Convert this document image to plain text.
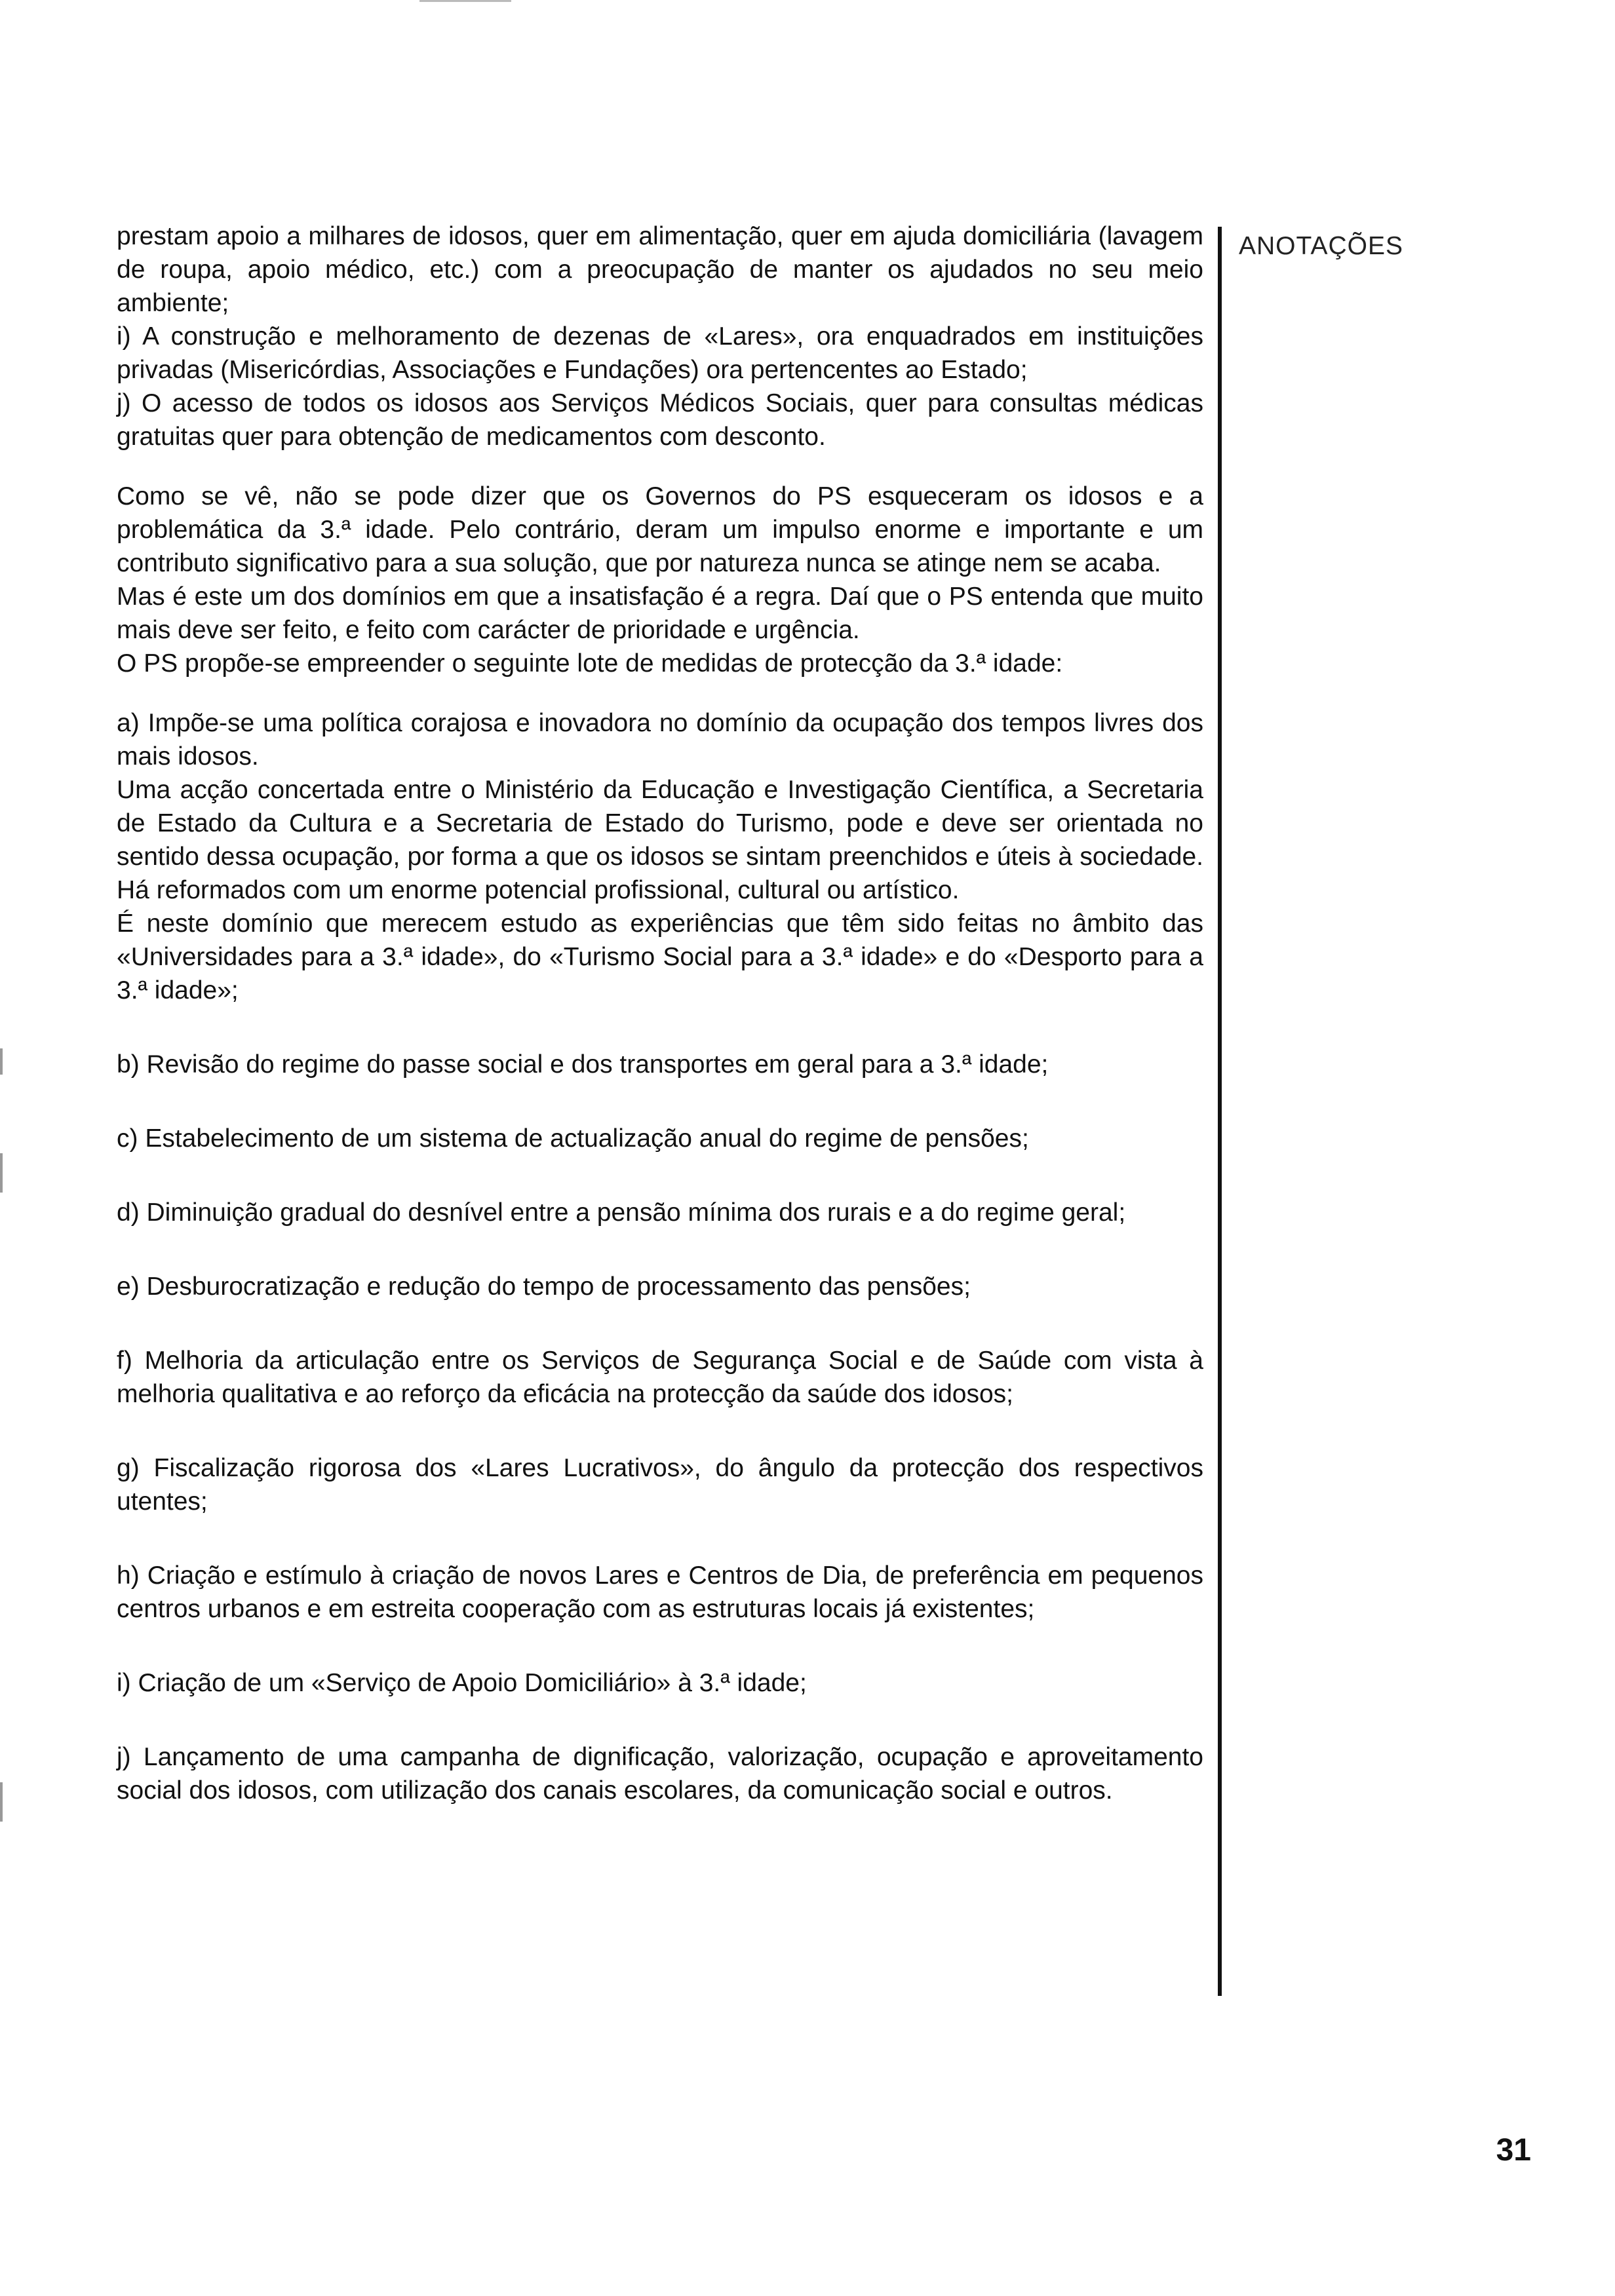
prestam apoio a milhares de idosos, quer em alimentação, quer em ajuda domiciliária (lavagem de roupa, apoio médico, etc.) com a preocupação de manter os ajudados no seu meio ambiente;

i) A construção e melhoramento de dezenas de «Lares», ora enquadrados em instituições privadas (Misericórdias, Associações e Fundações) ora pertencentes ao Estado;

j) O acesso de todos os idosos aos Serviços Médicos Sociais, quer para consultas médicas gratuitas quer para obtenção de medicamentos com desconto.

Como se vê, não se pode dizer que os Governos do PS esqueceram os idosos e a problemática da 3.ª idade. Pelo contrário, deram um impulso enorme e importante e um contributo significativo para a sua solução, que por natureza nunca se atinge nem se acaba.

Mas é este um dos domínios em que a insatisfação é a regra. Daí que o PS entenda que muito mais deve ser feito, e feito com carácter de prioridade e urgência.

O PS propõe-se empreender o seguinte lote de medidas de protecção da 3.ª idade:

a) Impõe-se uma política corajosa e inovadora no domínio da ocupação dos tempos livres dos mais idosos.

Uma acção concertada entre o Ministério da Educação e Investigação Científica, a Secretaria de Estado da Cultura e a Secretaria de Estado do Turismo, pode e deve ser orientada no sentido dessa ocupação, por forma a que os idosos se sintam preenchidos e úteis à sociedade. Há reformados com um enorme potencial profissional, cultural ou artístico.

É neste domínio que merecem estudo as experiências que têm sido feitas no âmbito das «Universidades para a 3.ª idade», do «Turismo Social para a 3.ª idade» e do «Desporto para a 3.ª idade»;

b) Revisão do regime do passe social e dos transportes em geral para a 3.ª idade;

c) Estabelecimento de um sistema de actualização anual do regime de pensões;

d) Diminuição gradual do desnível entre a pensão mínima dos rurais e a do regime geral;

e) Desburocratização e redução do tempo de processamento das pensões;

f) Melhoria da articulação entre os Serviços de Segurança Social e de Saúde com vista à melhoria qualitativa e ao reforço da eficácia na protecção da saúde dos idosos;

g) Fiscalização rigorosa dos «Lares Lucrativos», do ângulo da protecção dos respectivos utentes;

h) Criação e estímulo à criação de novos Lares e Centros de Dia, de preferência em pequenos centros urbanos e em estreita cooperação com as estruturas locais já existentes;

i) Criação de um «Serviço de Apoio Domiciliário» à 3.ª idade;

j) Lançamento de uma campanha de dignificação, valorização, ocupação e aproveitamento social dos idosos, com utilização dos canais escolares, da comunicação social e outros.

ANOTAÇÕES
31
